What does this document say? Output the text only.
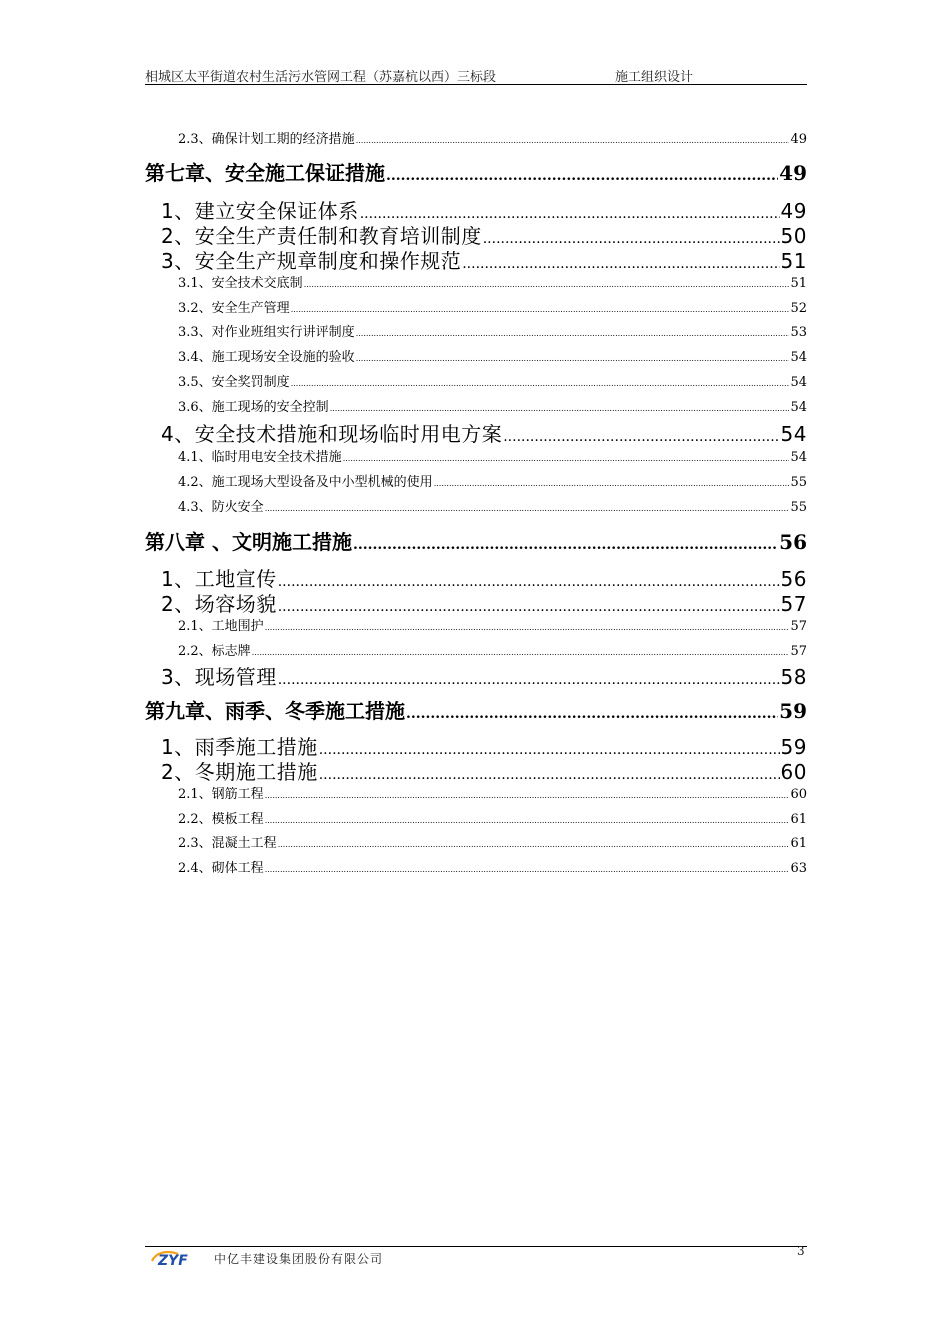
相城区太平街道农村生活污水管网工程（苏嘉杭以西）三标段	施工组织设计
2.3、确保计划工期的经济措施 .....	49
第七章、安全施工保证措施 .....	49
1、建立安全保证体系 .....	49
2、安全生产责任制和教育培训制度 .....	50
3、安全生产规章制度和操作规范 .....	51
3.1、安全技术交底制 .....	51
3.2、安全生产管理 .....	52
3.3、对作业班组实行讲评制度 .....	53
3.4、施工现场安全设施的验收 .....	54
3.5、安全奖罚制度 .....	54
3.6、施工现场的安全控制 .....	54
4、安全技术措施和现场临时用电方案 .....	54
4.1、临时用电安全技术措施 .....	54
4.2、施工现场大型设备及中小型机械的使用 .....	55
4.3、防火安全 .....	55
第八章 、文明施工措施 .....	56
1、工地宣传 .....	56
2、场容场貌 .....	57
2.1、工地围护 .....	57
2.2、标志牌 .....	57
3、现场管理 .....	58
第九章、雨季、冬季施工措施 .....	59
1、雨季施工措施 .....	59
2、冬期施工措施 .....	60
2.1、钢筋工程 .....	60
2.2、模板工程 .....	61
2.3、混凝土工程 .....	61
2.4、砌体工程 .....	63
ZYF 中亿丰建设集团股份有限公司
3
